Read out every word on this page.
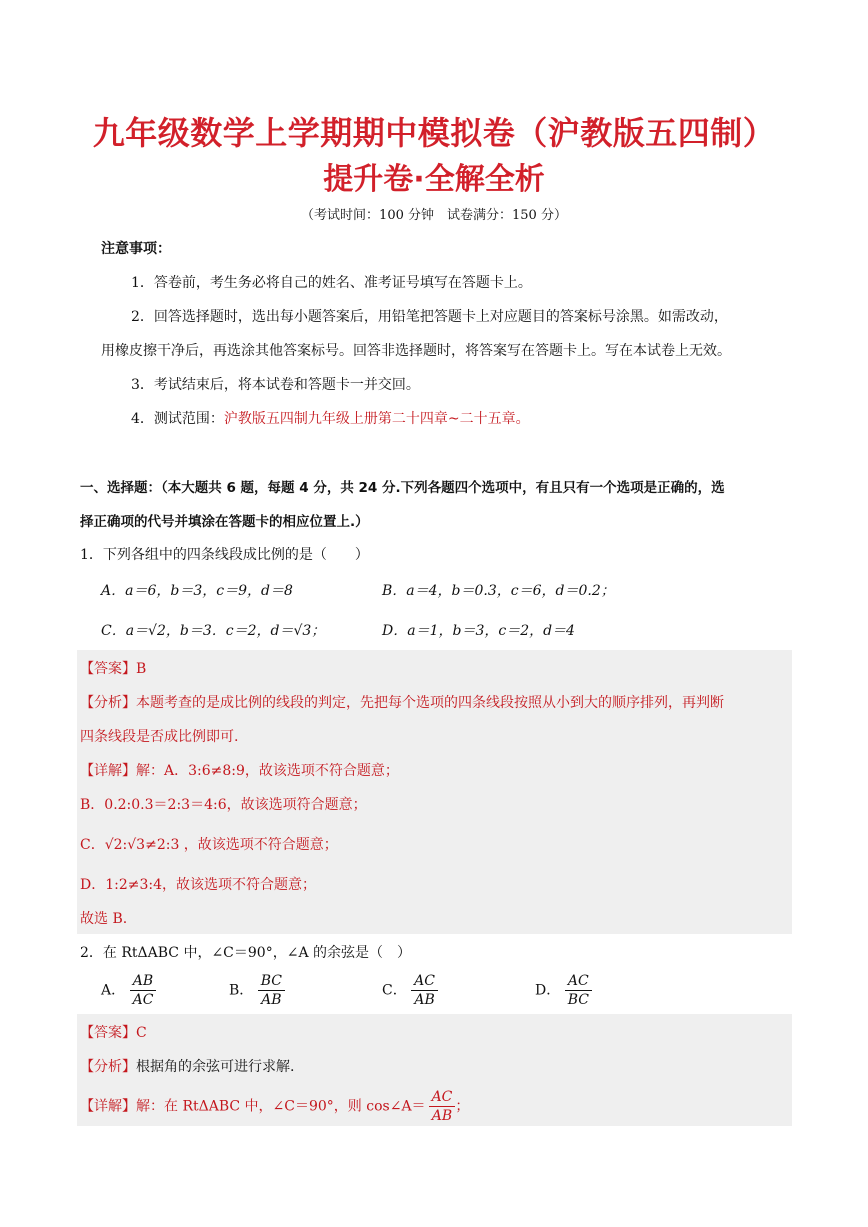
九年级数学上学期期中模拟卷（沪教版五四制）
提升卷·全解全析
（考试时间：100 分钟　试卷满分：150 分）
注意事项：
1．答卷前，考生务必将自己的姓名、准考证号填写在答题卡上。
2．回答选择题时，选出每小题答案后，用铅笔把答题卡上对应题目的答案标号涂黑。如需改动，
用橡皮擦干净后，再选涂其他答案标号。回答非选择题时，将答案写在答题卡上。写在本试卷上无效。
3．考试结束后，将本试卷和答题卡一并交回。
4．测试范围：沪教版五四制九年级上册第二十四章~二十五章。
一、选择题：（本大题共 6 题，每题 4 分，共 24 分.下列各题四个选项中，有且只有一个选项是正确的，选
择正确项的代号并填涂在答题卡的相应位置上.）
1．下列各组中的四条线段成比例的是（　　）
A．a＝6，b＝3，c＝9，d＝8	B．a＝4，b＝0.3，c＝6，d＝0.2；
C．a＝√2，b＝3．c＝2，d＝√3；	D．a＝1，b＝3，c＝2，d＝4
【答案】B
【分析】本题考查的是成比例的线段的判定，先把每个选项的四条线段按照从小到大的顺序排列，再判断
四条线段是否成比例即可.
【详解】解：A．3:6≠8:9，故该选项不符合题意；
B．0.2:0.3＝2:3＝4:6，故该选项符合题意；
C．√2:√3≠2:3 ，故该选项不符合题意；
D．1:2≠3:4，故该选项不符合题意；
故选 B.
2．在 RtΔABC 中，∠C＝90°，∠A 的余弦是（　）
A． $\frac{AB}{AC}$	B． $\frac{BC}{AB}$	C． $\frac{AC}{AB}$	D． $\frac{AC}{BC}$
【答案】C
【分析】根据角的余弦可进行求解.
【详解】解：在 RtΔABC 中，∠C＝90°，则 cos∠A＝ $\frac{AC}{AB}$ ；
